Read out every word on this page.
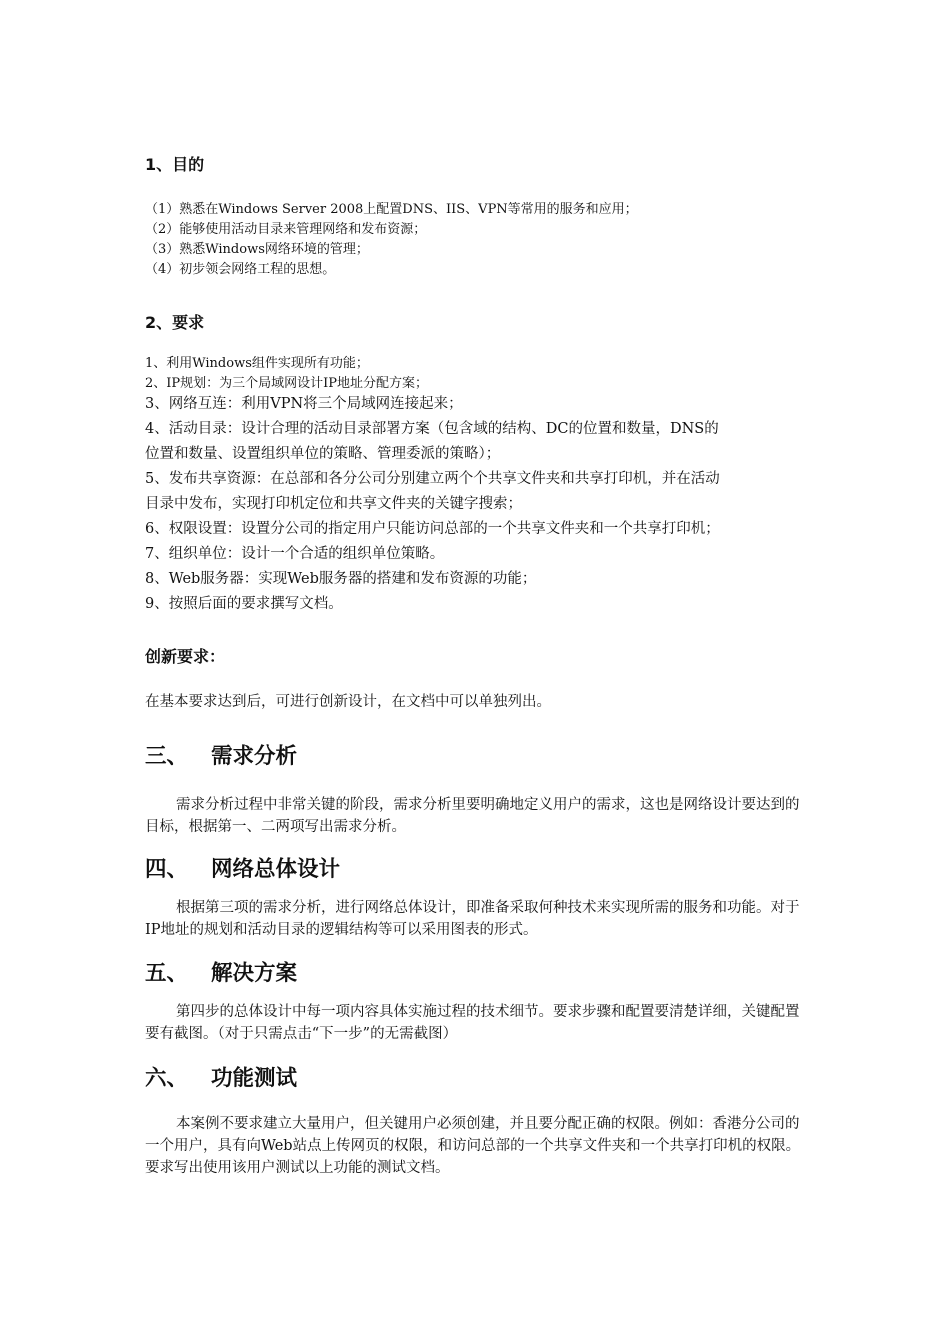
1、目的
（1）熟悉在Windows Server 2008上配置DNS、IIS、VPN等常用的服务和应用；
（2）能够使用活动目录来管理网络和发布资源；
（3）熟悉Windows网络环境的管理；
（4）初步领会网络工程的思想。
2、要求
1、利用Windows组件实现所有功能；
2、IP规划：为三个局域网设计IP地址分配方案；
3、网络互连：利用VPN将三个局域网连接起来；
4、活动目录：设计合理的活动目录部署方案（包含域的结构、DC的位置和数量，DNS的
位置和数量、设置组织单位的策略、管理委派的策略）；
5、发布共享资源：在总部和各分公司分别建立两个个共享文件夹和共享打印机，并在活动
目录中发布，实现打印机定位和共享文件夹的关键字搜索；
6、权限设置：设置分公司的指定用户只能访问总部的一个共享文件夹和一个共享打印机；
7、组织单位：设计一个合适的组织单位策略。
8、Web服务器：实现Web服务器的搭建和发布资源的功能；
9、按照后面的要求撰写文档。
创新要求：
在基本要求达到后，可进行创新设计，在文档中可以单独列出。
三、 需求分析
需求分析过程中非常关键的阶段，需求分析里要明确地定义用户的需求，这也是网络设计要达到的目标，根据第一、二两项写出需求分析。
四、 网络总体设计
根据第三项的需求分析，进行网络总体设计，即准备采取何种技术来实现所需的服务和功能。对于IP地址的规划和活动目录的逻辑结构等可以采用图表的形式。
五、 解决方案
第四步的总体设计中每一项内容具体实施过程的技术细节。要求步骤和配置要清楚详细，关键配置要有截图。（对于只需点击“下一步”的无需截图）
六、 功能测试
本案例不要求建立大量用户，但关键用户必须创建，并且要分配正确的权限。例如：香港分公司的一个用户，具有向Web站点上传网页的权限，和访问总部的一个共享文件夹和一个共享打印机的权限。要求写出使用该用户测试以上功能的测试文档。
